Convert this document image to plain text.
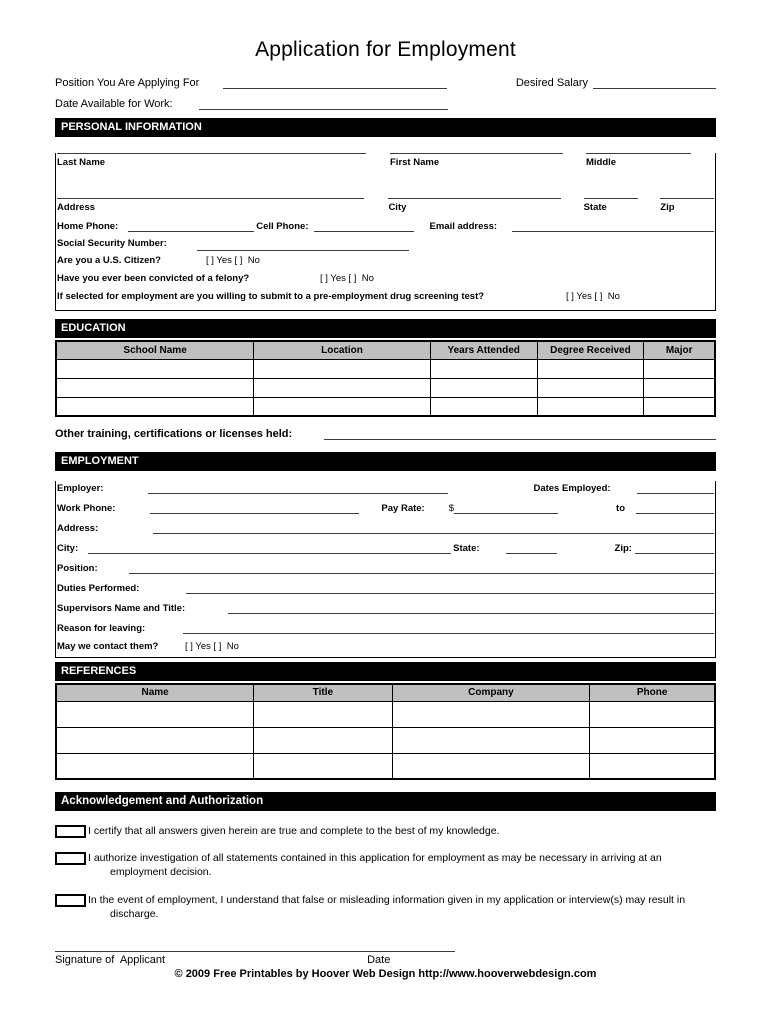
Application for Employment
Position You Are Applying For	Desired Salary
Date Available for Work:
PERSONAL INFORMATION
Last Name	First Name	Middle
Address	City	State	Zip
Home Phone:	Cell Phone:	Email address:
Social Security Number:
Are you a U.S. Citizen?	[ ] Yes [ ]  No
Have you ever been convicted of a felony?	[ ] Yes [ ]  No
If selected for employment are you willing to submit to a pre-employment drug screening test?	[ ] Yes [ ]  No
EDUCATION
School Name	Location	Years Attended	Degree Received	Major

Other training, certifications or licenses held:
EMPLOYMENT
Employer:	Dates Employed:
Work Phone:	Pay Rate:	$	to
Address:
City:	State:	Zip:
Position:
Duties Performed:
Supervisors Name and Title:
Reason for leaving:
May we contact them?	[ ] Yes [ ]  No
REFERENCES
Name	Title	Company	Phone

Acknowledgement and Authorization
I certify that all answers given herein are true and complete to the best of my knowledge.
I authorize investigation of all statements contained in this application for employment as may be necessary in arriving at an employment decision.
In the event of employment, I understand that false or misleading information given in my application or interview(s) may result in discharge.
Signature of  Applicant	Date
© 2009 Free Printables by Hoover Web Design http://www.hooverwebdesign.com
